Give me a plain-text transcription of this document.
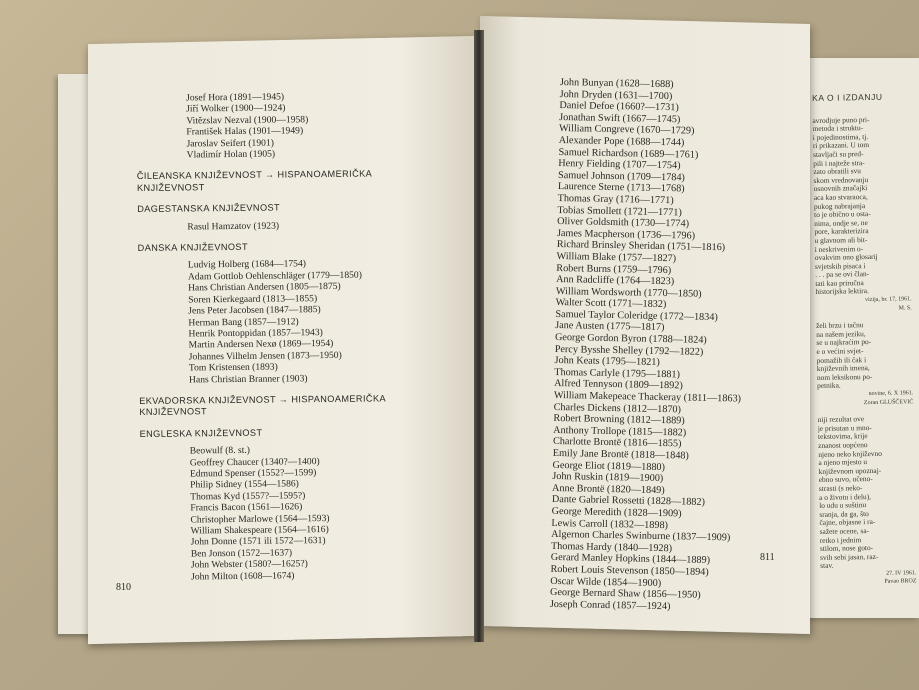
Josef Hora (1891—1945)
Jiří Wolker (1900—1924)
Vitězslav Nezval (1900—1958)
František Halas (1901—1949)
Jaroslav Seifert (1901)
Vladimír Holan (1905)
ČILEANSKA KNJIŽEVNOST → HISPANOAMERIČKA
KNJIŽEVNOST
DAGESTANSKA KNJIŽEVNOST
Rasul Hamzatov (1923)
DANSKA KNJIŽEVNOST
Ludvig Holberg (1684—1754)
Adam Gottlob Oehlenschläger (1779—1850)
Hans Christian Andersen (1805—1875)
Soren Kierkegaard (1813—1855)
Jens Peter Jacobsen (1847—1885)
Herman Bang (1857—1912)
Henrik Pontoppidan (1857—1943)
Martin Andersen Nexø (1869—1954)
Johannes Vilhelm Jensen (1873—1950)
Tom Kristensen (1893)
Hans Christian Branner (1903)
EKVADORSKA KNJIŽEVNOST → HISPANOAMERIČKA
KNJIŽEVNOST
ENGLESKA KNJIŽEVNOST
Beowulf (8. st.)
Geoffrey Chaucer (1340?—1400)
Edmund Spenser (1552?—1599)
Philip Sidney (1554—1586)
Thomas Kyd (1557?—1595?)
Francis Bacon (1561—1626)
Christopher Marlowe (1564—1593)
William Shakespeare (1564—1616)
John Donne (1571 ili 1572—1631)
Ben Jonson (1572—1637)
John Webster (1580?—1625?)
John Milton (1608—1674)
John Bunyan (1628—1688)
John Dryden (1631—1700)
Daniel Defoe (1660?—1731)
Jonathan Swift (1667—1745)
William Congreve (1670—1729)
Alexander Pope (1688—1744)
Samuel Richardson (1689—1761)
Henry Fielding (1707—1754)
Samuel Johnson (1709—1784)
Laurence Sterne (1713—1768)
Thomas Gray (1716—1771)
Tobias Smollett (1721—1771)
Oliver Goldsmith (1730—1774)
James Macpherson (1736—1796)
Richard Brinsley Sheridan (1751—1816)
William Blake (1757—1827)
Robert Burns (1759—1796)
Ann Radcliffe (1764—1823)
William Wordsworth (1770—1850)
Walter Scott (1771—1832)
Samuel Taylor Coleridge (1772—1834)
Jane Austen (1775—1817)
George Gordon Byron (1788—1824)
Percy Bysshe Shelley (1792—1822)
John Keats (1795—1821)
Thomas Carlyle (1795—1881)
Alfred Tennyson (1809—1892)
William Makepeace Thackeray (1811—1863)
Charles Dickens (1812—1870)
Robert Browning (1812—1889)
Anthony Trollope (1815—1882)
Charlotte Brontë (1816—1855)
Emily Jane Brontë (1818—1848)
George Eliot (1819—1880)
John Ruskin (1819—1900)
Anne Brontë (1820—1849)
Dante Gabriel Rossetti (1828—1882)
George Meredith (1828—1909)
Lewis Carroll (1832—1898)
Algernon Charles Swinburne (1837—1909)
Thomas Hardy (1840—1928)
Gerard Manley Hopkins (1844—1889)
Robert Louis Stevenson (1850—1894)
Oscar Wilde (1854—1900)
George Bernard Shaw (1856—1950)
Joseph Conrad (1857—1924)
810
811
KA O I IZDANJU
avrodjuje puno pri-
metoda i struktu-
i pojedinostima, tj.
ri prikazani. U tom
stavljači su pred-
pili i najteže stra-
zato obratili svu
skom vrednovanju
osnovnih značajki
aca kao stvaraoca,
pukog nabrajanja
to je obično u osta-
nima, ondje se, ne
pore, karakterizira
u glavnom ali bit-
i neskrivenim o-
ovakvim ono glosarij
svjetskih pisaca i
. . . pa se ovi član-
tati kao priručna
historijska lektira.
vizija, br. 17, 1961.
M. S.
želi brzu i tačnu
na našem jeziku,
se u najkraćim po-
e o većini svjet-
pomažih ili čak i
književnih imena,
nom leksikonu po-
petnika.
novine, 6. X 1961.
Zoran GLUŠČEVIĆ
niji rezultat ove
je prisutan u mno-
tekstovima, krije
znanost uopćeno
njeno neko književno
a njeno mjesto u
književnom upoznaj-
ebno suvo, učeno-
strasti (s neko-
a o životu i delu),
lo udu u suštinu
sranja, da ga, što
čajne, objasne i ra-
sažete ocene, sa-
retko i jednim
stilom, nose goto-
svih sebi jasan, raz-
stav.
27. IV 1961.
Pavao BROZ
